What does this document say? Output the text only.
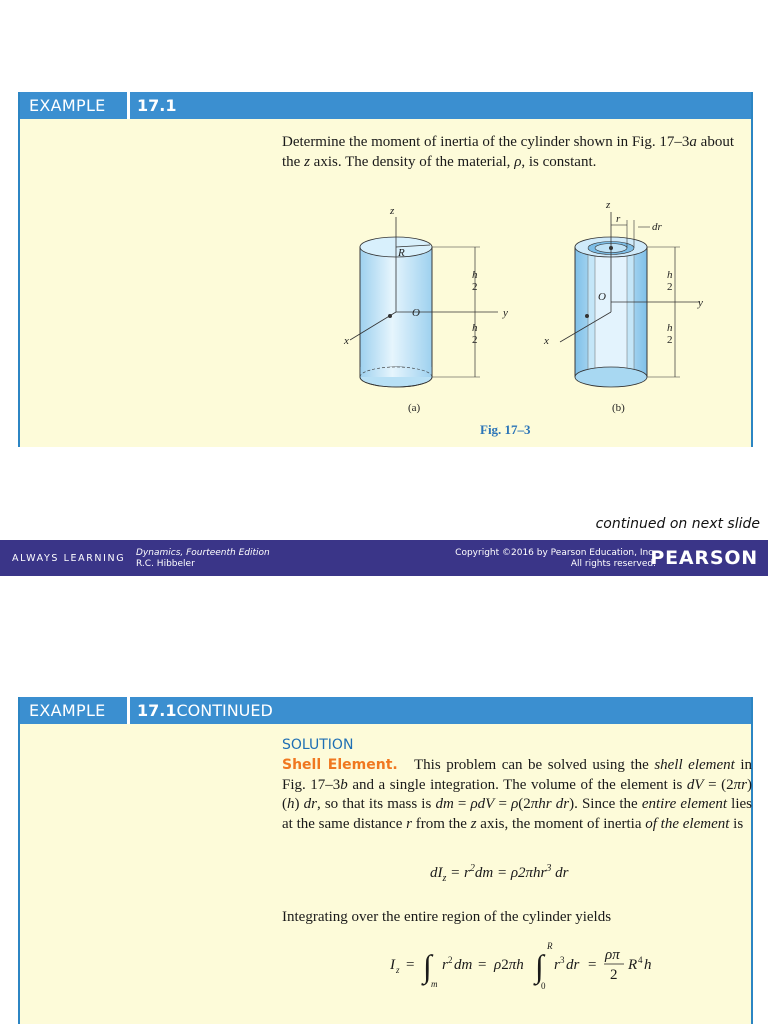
EXAMPLE 17.1
Determine the moment of inertia of the cylinder shown in Fig. 17–3a about the z axis. The density of the material, ρ, is constant.
z
R
O
x
y
h
2
h
2
(a)
z
r
dr
O
x
y
h
2
h
2
(b)
Fig. 17–3
continued on next slide
ALWAYS LEARNING Dynamics, Fourteenth Edition
R.C. Hibbeler
Copyright ©2016 by Pearson Education, Inc.
All rights reserved.
PEARSON
EXAMPLE 17.1CONTINUED
SOLUTION
Shell Element.   This problem can be solved using the shell element in Fig. 17–3b and a single integration. The volume of the element is dV = (2πr)(h) dr, so that its mass is dm = ρdV = ρ(2πhr dr). Since the entire element lies at the same distance r from the z axis, the moment of inertia of the element is
$dI_z = r^2dm = \rho 2\pi hr^3$ dr
Integrating over the entire region of the cylinder yields
I z = ∫ m
r 2 dm = ρ2πh ∫
R
0
r 3 dr =
ρπ
2
R 4 h
